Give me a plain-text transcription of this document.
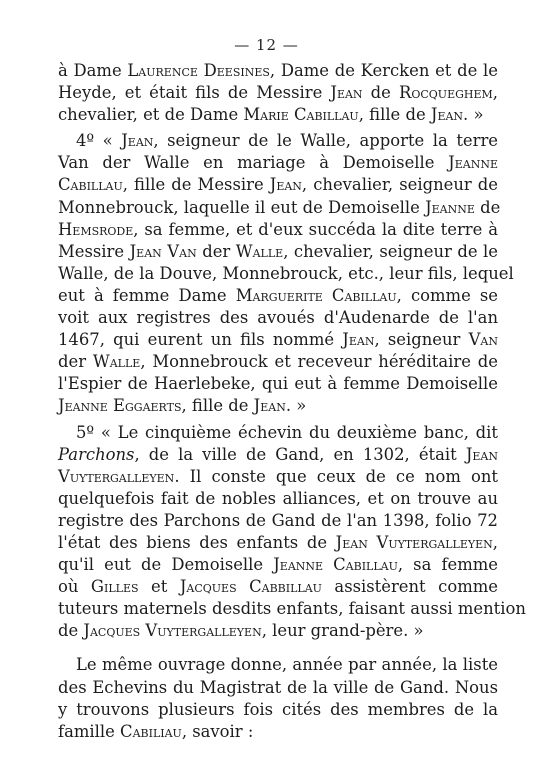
— 12 —
à Dame Laurence Deesines, Dame de Kercken et de le
Heyde, et était fils de Messire Jean de Rocqueghem,
chevalier, et de Dame Marie Cabillau, fille de Jean. »
4º « Jean, seigneur de le Walle, apporte la terre
Van der Walle en mariage à Demoiselle Jeanne
Cabillau, fille de Messire Jean, chevalier, seigneur de
Monnebrouck, laquelle il eut de Demoiselle Jeanne de
Hemsrode, sa femme, et d'eux succéda la dite terre à
Messire Jean Van der Walle, chevalier, seigneur de le
Walle, de la Douve, Monnebrouck, etc., leur fils, lequel
eut à femme Dame Marguerite Cabillau, comme se
voit aux registres des avoués d'Audenarde de l'an
1467, qui eurent un fils nommé Jean, seigneur Van
der Walle, Monnebrouck et receveur héréditaire de
l'Espier de Haerlebeke, qui eut à femme Demoiselle
Jeanne Eggaerts, fille de Jean. »
5º « Le cinquième échevin du deuxième banc, dit
Parchons, de la ville de Gand, en 1302, était Jean
Vuytergalleyen. Il conste que ceux de ce nom ont
quelquefois fait de nobles alliances, et on trouve au
registre des Parchons de Gand de l'an 1398, folio 72
l'état des biens des enfants de Jean Vuytergalleyen,
qu'il eut de Demoiselle Jeanne Cabillau, sa femme
où Gilles et Jacques Cabbillau assistèrent comme
tuteurs maternels desdits enfants, faisant aussi mention
de Jacques Vuytergalleyen, leur grand-père. »
Le même ouvrage donne, année par année, la liste
des Echevins du Magistrat de la ville de Gand. Nous
y trouvons plusieurs fois cités des membres de la
famille Cabiliau, savoir :
